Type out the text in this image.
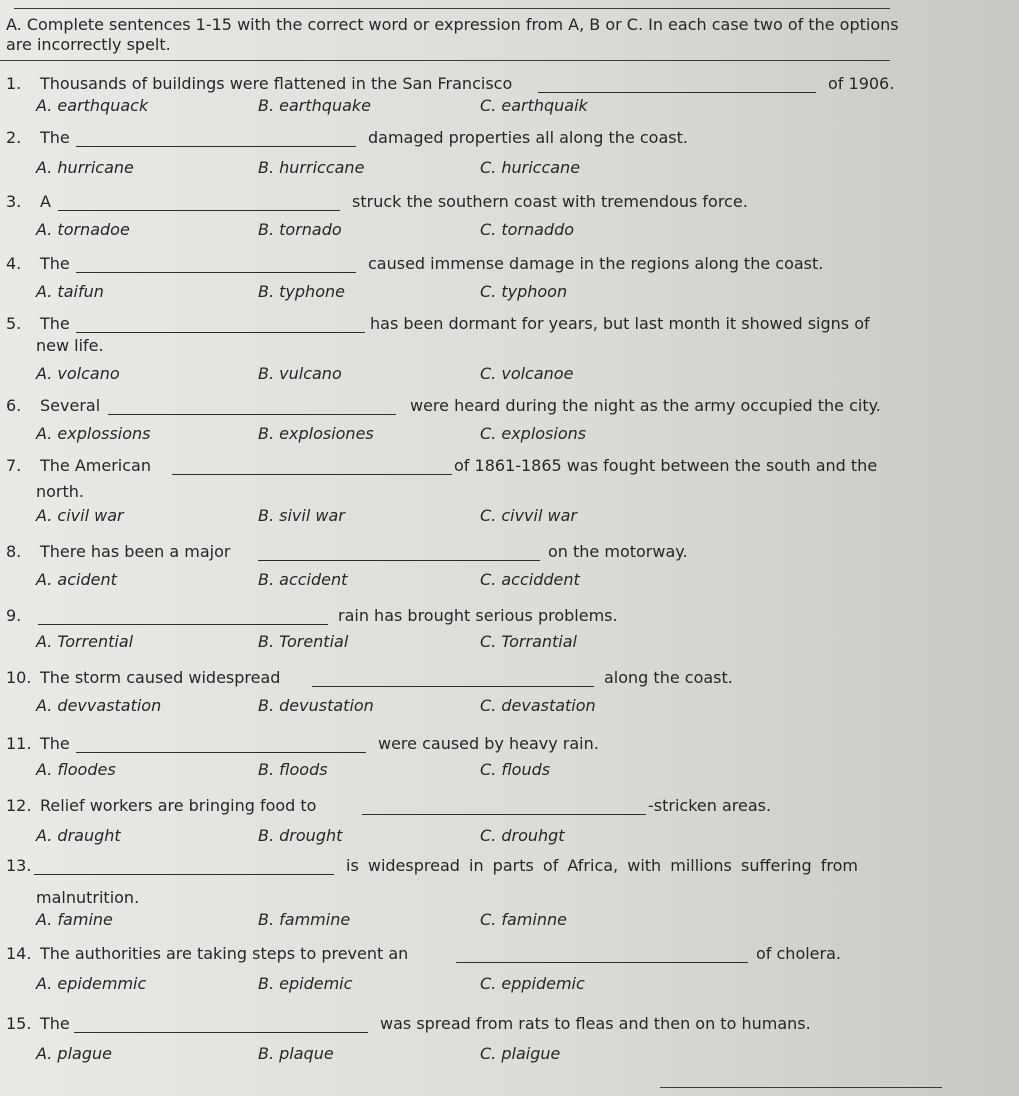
A. Complete sentences 1-15 with the correct word or expression from A, B or C. In each case two of the options are incorrectly spelt.
1. Thousands of buildings were flattened in the San Francisco	of 1906.
A. earthquack	B. earthquake	C. earthquaik
2. The	damaged properties all along the coast.
A. hurricane	B. hurriccane	C. huriccane
3. A	struck the southern coast with tremendous force.
A. tornadoe	B. tornado	C. tornaddo
4. The	caused immense damage in the regions along the coast.
A. taifun	B. typhone	C. typhoon
5. The	has been dormant for years, but last month it showed signs of
new life.
A. volcano	B. vulcano	C. volcanoe
6. Several	were heard during the night as the army occupied the city.
A. explossions	B. explosiones	C. explosions
7. The American	of 1861-1865 was fought between the south and the
north.
A. civil war	B. sivil war	C. civvil war
8. There has been a major	on the motorway.
A. acident	B. accident	C. acciddent
9.	rain has brought serious problems.
A. Torrential	B. Torential	C. Torrantial
10. The storm caused widespread	along the coast.
A. devvastation	B. devustation	C. devastation
11. The	were caused by heavy rain.
A. floodes	B. floods	C. flouds
12. Relief workers are bringing food to	-stricken areas.
A. draught	B. drought	C. drouhgt
13.	is widespread in parts of Africa, with millions suffering from
malnutrition.
A. famine	B. fammine	C. faminne
14. The authorities are taking steps to prevent an	of cholera.
A. epidemmic	B. epidemic	C. eppidemic
15. The	was spread from rats to fleas and then on to humans.
A. plague	B. plaque	C. plaigue
